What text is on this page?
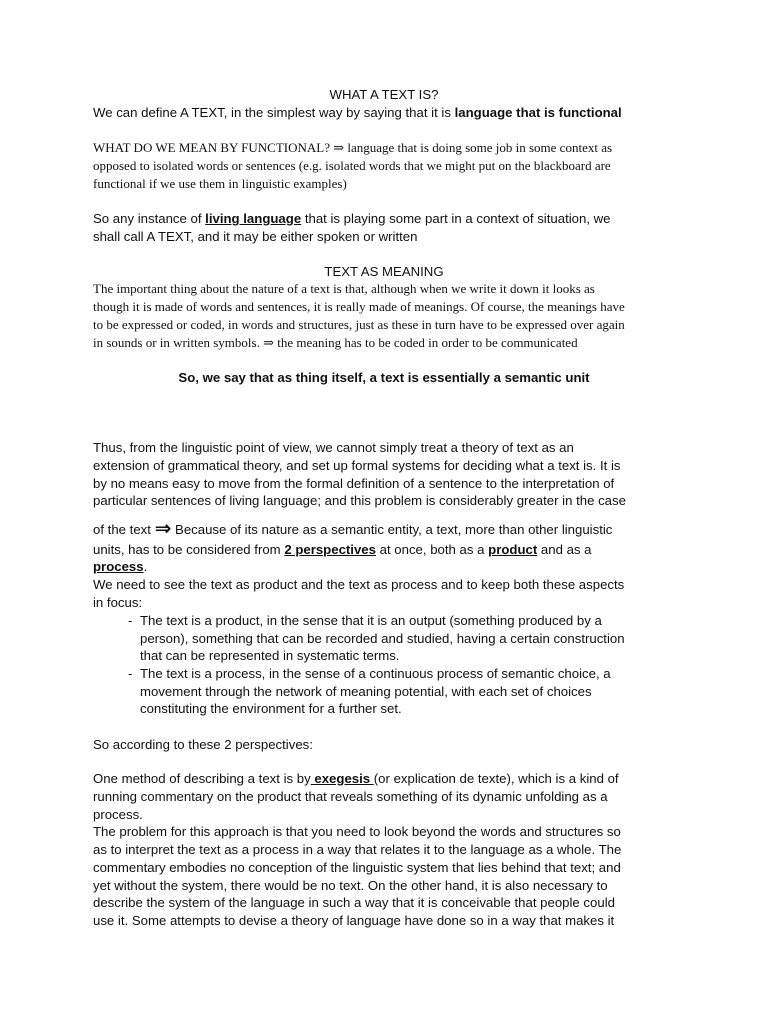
WHAT A TEXT IS?
We can define A TEXT, in the simplest way by saying that it is language that is functional
WHAT DO WE MEAN BY FUNCTIONAL? ⇒ language that is doing some job in some context as
opposed to isolated words or sentences (e.g. isolated words that we might put on the blackboard are
functional if we use them in linguistic examples)
So any instance of living language that is playing some part in a context of situation, we
shall call A TEXT, and it may be either spoken or written
TEXT AS MEANING
The important thing about the nature of a text is that, although when we write it down it looks as
though it is made of words and sentences, it is really made of meanings. Of course, the meanings have
to be expressed or coded, in words and structures, just as these in turn have to be expressed over again
in sounds or in written symbols. ⇒ the meaning has to be coded in order to be communicated
So, we say that as thing itself, a text is essentially a semantic unit
Thus, from the linguistic point of view, we cannot simply treat a theory of text as an
extension of grammatical theory, and set up formal systems for deciding what a text is. It is
by no means easy to move from the formal definition of a sentence to the interpretation of
particular sentences of living language; and this problem is considerably greater in the case
of the text ⇒ Because of its nature as a semantic entity, a text, more than other linguistic
units, has to be considered from 2 perspectives at once, both as a product and as a
process.
We need to see the text as product and the text as process and to keep both these aspects
in focus:
- The text is a product, in the sense that it is an output (something produced by a
person), something that can be recorded and studied, having a certain construction
that can be represented in systematic terms.
- The text is a process, in the sense of a continuous process of semantic choice, a
movement through the network of meaning potential, with each set of choices
constituting the environment for a further set.
So according to these 2 perspectives:
One method of describing a text is by exegesis (or explication de texte), which is a kind of
running commentary on the product that reveals something of its dynamic unfolding as a
process.
The problem for this approach is that you need to look beyond the words and structures so
as to interpret the text as a process in a way that relates it to the language as a whole. The
commentary embodies no conception of the linguistic system that lies behind that text; and
yet without the system, there would be no text. On the other hand, it is also necessary to
describe the system of the language in such a way that it is conceivable that people could
use it. Some attempts to devise a theory of language have done so in a way that makes it
